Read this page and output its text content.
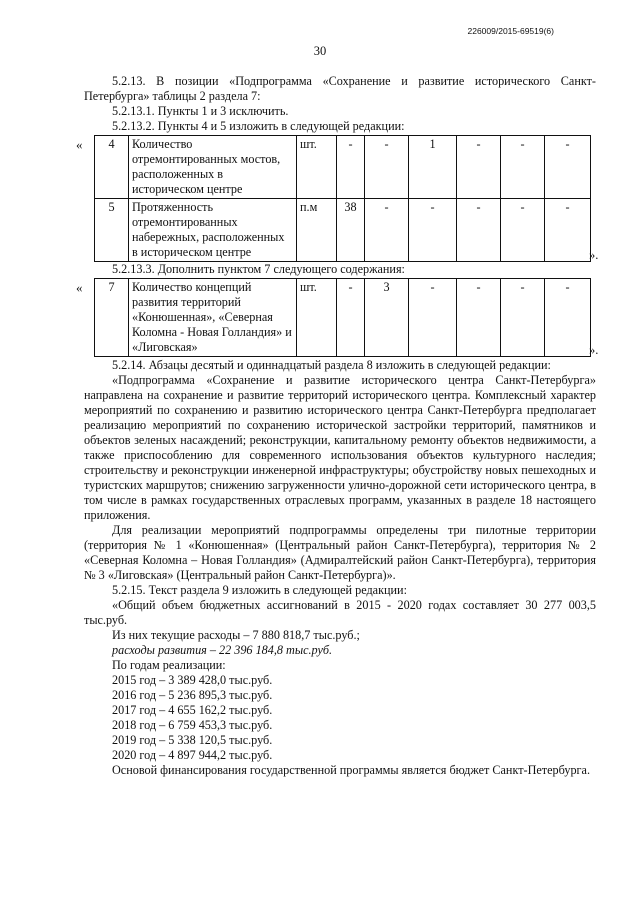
226009/2015-69519(6)
30

5.2.13. В позиции «Подпрограмма «Сохранение и развитие исторического Санкт-Петербурга» таблицы 2 раздела 7:

5.2.13.1. Пункты 1 и 3 исключить.

5.2.13.2. Пункты 4 и 5 изложить в следующей редакции:

« 4	Количество отремонтированных мостов, расположенных в историческом центре	шт.	-	-	1	-	-	-
5	Протяженность отремонтированных набережных, расположенных в историческом центре	п.м	38	-	-	-	-	-
».

5.2.13.3. Дополнить пунктом 7 следующего содержания:

« 7	Количество концепций развития территорий «Конюшенная», «Северная Коломна - Новая Голландия» и «Лиговская»	шт.	-	3	-	-	-	-
».

5.2.14. Абзацы десятый и одиннадцатый раздела 8 изложить в следующей редакции:

«Подпрограмма «Сохранение и развитие исторического центра Санкт-Петербурга» направлена на сохранение и развитие территорий исторического центра. Комплексный характер мероприятий по сохранению и развитию исторического центра Санкт-Петербурга предполагает реализацию мероприятий по сохранению исторической застройки территорий, памятников и объектов зеленых насаждений; реконструкции, капитальному ремонту объектов недвижимости, а также приспособлению для современного использования объектов культурного наследия; строительству и реконструкции инженерной инфраструктуры; обустройству новых пешеходных и туристских маршрутов; снижению загруженности улично-дорожной сети исторического центра, в том числе в рамках государственных отраслевых программ, указанных в разделе 18 настоящего приложения.

Для реализации мероприятий подпрограммы определены три пилотные территории (территория № 1 «Конюшенная» (Центральный район Санкт-Петербурга), территория № 2 «Северная Коломна – Новая Голландия» (Адмиралтейский район Санкт-Петербурга), территория № 3 «Лиговская» (Центральный район Санкт-Петербурга)».

5.2.15. Текст раздела 9 изложить в следующей редакции:

«Общий объем бюджетных ассигнований в 2015 - 2020 годах составляет 30 277 003,5 тыс.руб.

Из них текущие расходы – 7 880 818,7 тыс.руб.;

расходы развития – 22 396 184,8 тыс.руб.

По годам реализации:

2015 год – 3 389 428,0 тыс.руб.

2016 год – 5 236 895,3 тыс.руб.

2017 год – 4 655 162,2 тыс.руб.

2018 год – 6 759 453,3 тыс.руб.

2019 год – 5 338 120,5 тыс.руб.

2020 год – 4 897 944,2 тыс.руб.

Основой финансирования государственной программы является бюджет Санкт-Петербурга.
